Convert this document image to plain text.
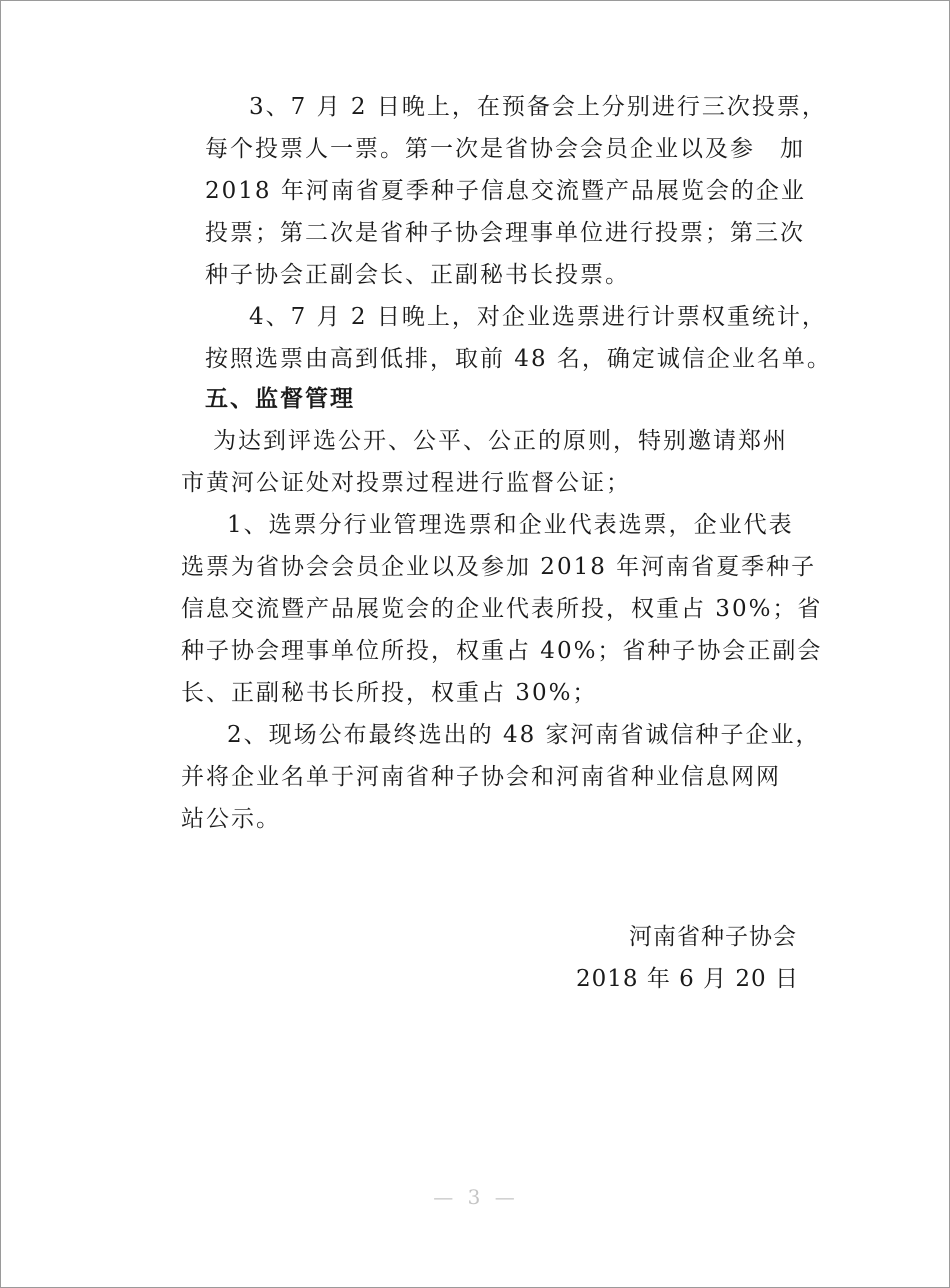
3、7 月 2 日晚上，在预备会上分别进行三次投票，
每个投票人一票。第一次是省协会会员企业以及参　加
2018 年河南省夏季种子信息交流暨产品展览会的企业
投票；第二次是省种子协会理事单位进行投票；第三次
种子协会正副会长、正副秘书长投票。
4、7 月 2 日晚上，对企业选票进行计票权重统计，
按照选票由高到低排，取前 48 名，确定诚信企业名单。
五、监督管理
为达到评选公开、公平、公正的原则，特别邀请郑州
市黄河公证处对投票过程进行监督公证；
1、选票分行业管理选票和企业代表选票，企业代表
选票为省协会会员企业以及参加 2018 年河南省夏季种子
信息交流暨产品展览会的企业代表所投，权重占 30%；省
种子协会理事单位所投，权重占 40%；省种子协会正副会
长、正副秘书长所投，权重占 30%；
2、现场公布最终选出的 48 家河南省诚信种子企业，
并将企业名单于河南省种子协会和河南省种业信息网网
站公示。
河南省种子协会
2018 年 6 月 20 日
— 3 —
